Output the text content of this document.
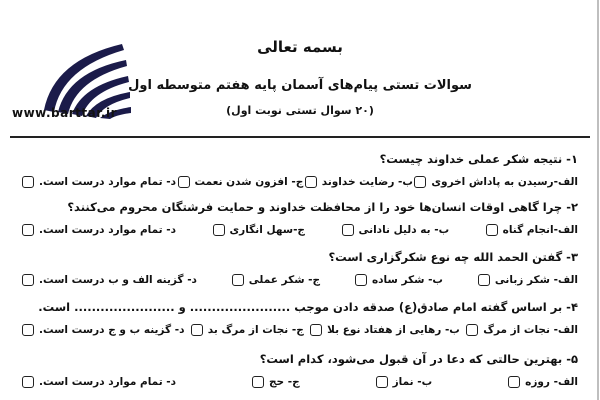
www.barttar.ir
بسمه تعالی
سوالات تستی پیام‌های آسمان پایه هفتم متوسطه اول
(۲۰ سوال تستی نوبت اول)
۱- نتیجه شکر عملی خداوند چیست؟
الف-رسیدن به پاداش اخروی
ب- رضایت خداوند
ج- افزون شدن نعمت
د- تمام موارد درست است.
۲- چرا گاهی اوقات انسان‌ها خود را از محافظت خداوند و حمایت فرشتگان محروم می‌کنند؟
الف-انجام گناه
ب- به دلیل نادانی
ج-سهل انگاری
د- تمام موارد درست است.
۳- گفتن الحمد الله چه نوع شکرگزاری است؟
الف- شکر زبانی
ب- شکر ساده
ج- شکر عملی
د- گزینه الف و ب درست است.
۴- بر اساس گفته امام صادق(ع) صدقه دادن موجب ....................... و ....................... است.
الف- نجات از مرگ
ب- رهایی از هفتاد نوع بلا
ج- نجات از مرگ بد
د- گزینه ب و ج درست است.
۵- بهترین حالتی که دعا در آن قبول می‌شود، کدام است؟
الف- روزه
ب- نماز
ج- حج
د- تمام موارد درست است.
